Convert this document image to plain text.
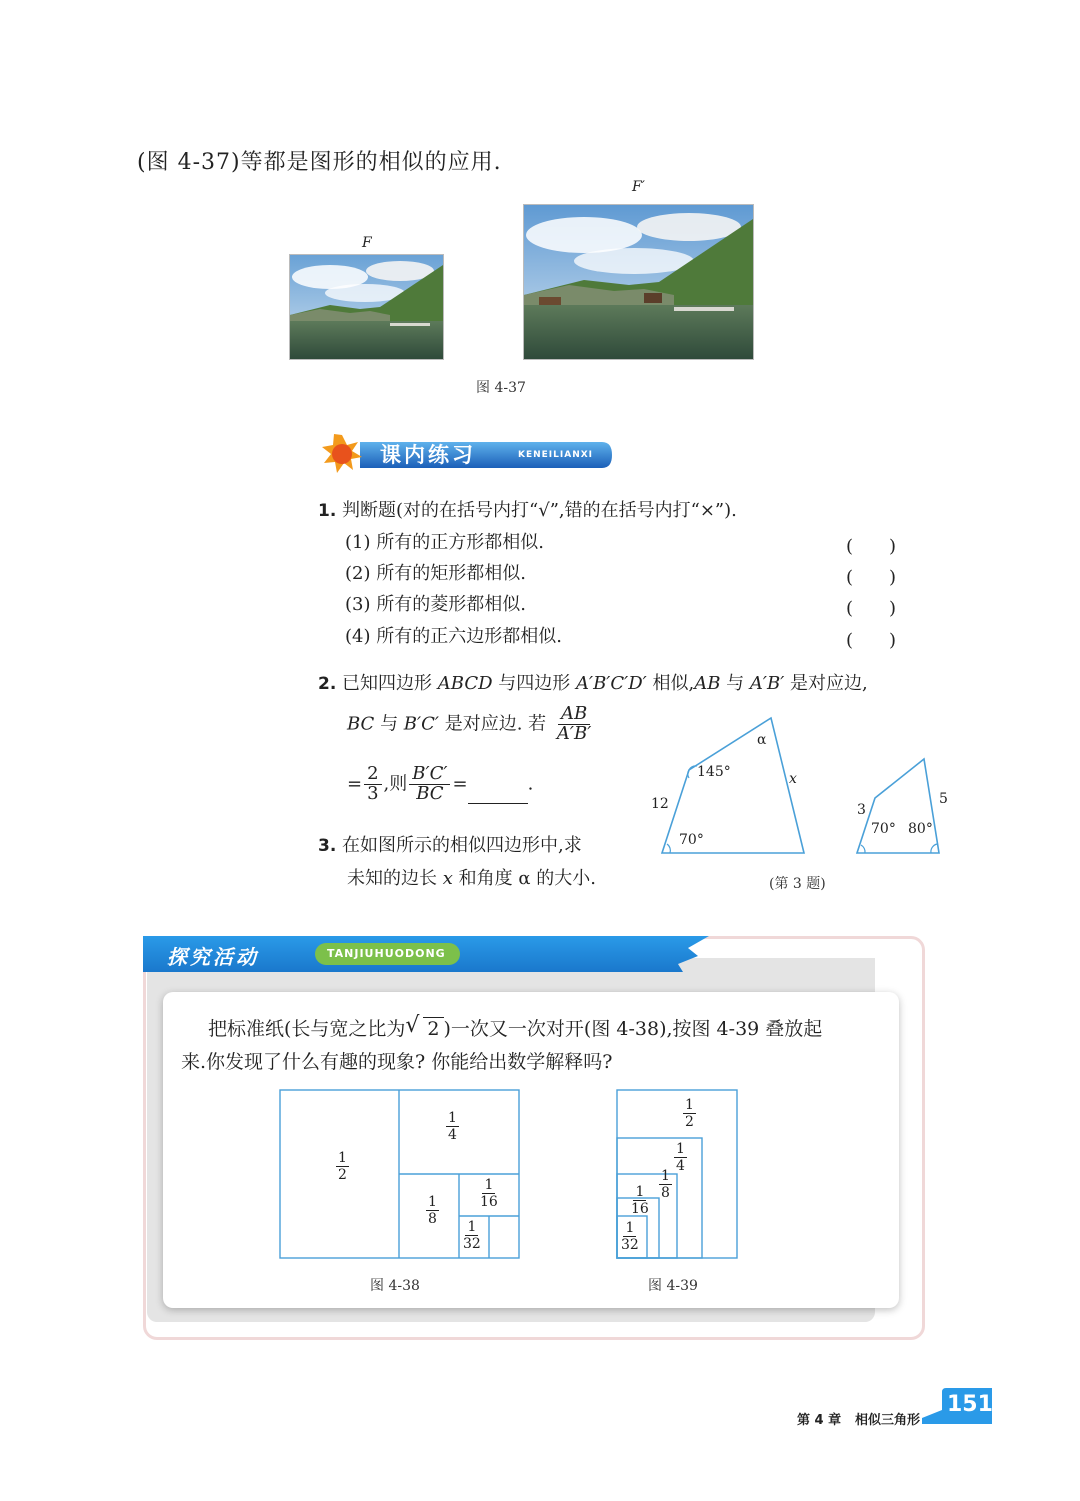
(图 4-37)等都是图形的相似的应用.
F
F′
图 4-37
课内练习	KENEILIANXI
1. 判断题(对的在括号内打“√”,错的在括号内打“×”).
(1) 所有的正方形都相似.	(　　)
(2) 所有的矩形都相似.	(　　)
(3) 所有的菱形都相似.	(　　)
(4) 所有的正六边形都相似.	(　　)
2. 已知四边形 ABCD 与四边形 A′B′C′D′ 相似,AB 与 A′B′ 是对应边,
BC 与 B′C′ 是对应边. 若 $\frac{AB}{A'B'}$
= $\frac{2}{3}$ ,则 $\frac{B'C'}{BC}$ =	.
3. 在如图所示的相似四边形中,求
未知的边长 x 和角度 α 的大小.
145°
α
x
12
70°
3
5
70° 80°
(第 3 题)
探究活动	TANJIUHUODONG
把标准纸(长与宽之比为 √ 2 )一次又一次对开(图 4-38),按图 4-39 叠放起
来.你发现了什么有趣的现象? 你能给出数学解释吗?
$\frac{1}{2}$
$\frac{1}{4}$
$\frac{1}{8}$
$\frac{1}{16}$
$\frac{1}{32}$
图 4-38
$\frac{1}{2}$
$\frac{1}{4}$
$\frac{1}{8}$
$\frac{1}{16}$
$\frac{1}{32}$
图 4-39
第 4 章 相似三角形
151
